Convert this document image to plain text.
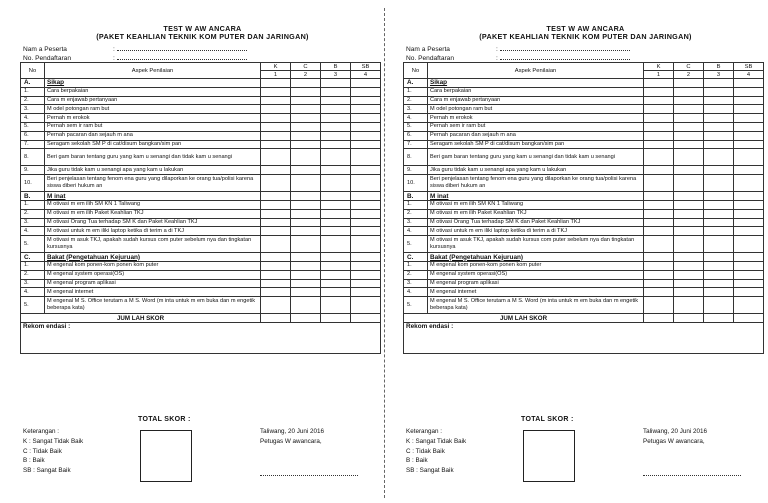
TEST W AW ANCARA
(PAKET KEAHLIAN TEKNIK KOM PUTER DAN JARINGAN)
Nam a Peserta	:
No. Pendaftaran	:
No	Aspek Penilaian	K	C	B	SB
		1	2	3	4
A.	Sikap				
1.	Cara berpakaian				
2.	Cara m enjawab pertanyaan				
3.	M odel potongan ram but				
4.	Pernah m erokok				
5.	Pernah sem ir ram but				
6.	Pernah pacaran dan sejauh m ana				
7.	Seragam sekolah SM P di cat/disum bangkan/sim pan				
8.	Beri gam baran tentang guru yang kam u senangi dan tidak kam u senangi				
9.	Jika guru tidak kam u senangi apa yang kam u lakukan				
10.	Beri penjelasan tentang fenom ena guru yang dilaporkan ke orang tua/polisi karena siswa diberi hukum an				
B.	M inat				
1.	M otivasi m em ilih SM KN 1 Taliwang				
2.	M otivasi m em ilih Paket Keahlian TKJ				
3.	M otivasi Orang Tua terhadap SM K dan Paket Keahlian TKJ				
4.	M otivasi untuk m em iliki laptop ketika di terim a di TKJ				
5.	M otivasi m asuk TKJ, apakah sudah kursus com puter sebelum nya dan tingkatan kursusnya				
C.	Bakat (Pengetahuan Kejuruan)				
1.	M engenal kom ponen-kom ponen kom puter				
2.	M engenal system operasi(OS)				
3.	M engenal program aplikasi				
4.	M engenal internet				
5.	M engenal M S. Office terutam a M S. Word (m inta untuk m em buka dan m engetik beberapa kata)				
JUM LAH SKOR					
Rekom endasi :					
TOTAL SKOR :
Keterangan :
K : Sangat Tidak Baik
C : Tidak Baik
B : Baik
SB : Sangat Baik
Taliwang, 20 Juni 2016
Petugas W awancara,
TEST W AW ANCARA
(PAKET KEAHLIAN TEKNIK KOM PUTER DAN JARINGAN)
Nam a Peserta	:
No. Pendaftaran	:
No	Aspek Penilaian	K	C	B	SB
		1	2	3	4
A.	Sikap				
1.	Cara berpakaian				
2.	Cara m enjawab pertanyaan				
3.	M odel potongan ram but				
4.	Pernah m erokok				
5.	Pernah sem ir ram but				
6.	Pernah pacaran dan sejauh m ana				
7.	Seragam sekolah SM P di cat/disum bangkan/sim pan				
8.	Beri gam baran tentang guru yang kam u senangi dan tidak kam u senangi				
9.	Jika guru tidak kam u senangi apa yang kam u lakukan				
10.	Beri penjelasan tentang fenom ena guru yang dilaporkan ke orang tua/polisi karena siswa diberi hukum an				
B.	M inat				
1.	M otivasi m em ilih SM KN 1 Taliwang				
2.	M otivasi m em ilih Paket Keahlian TKJ				
3.	M otivasi Orang Tua terhadap SM K dan Paket Keahlian TKJ				
4.	M otivasi untuk m em iliki laptop ketika di terim a di TKJ				
5.	M otivasi m asuk TKJ, apakah sudah kursus com puter sebelum nya dan tingkatan kursusnya				
C.	Bakat (Pengetahuan Kejuruan)				
1.	M engenal kom ponen-kom ponen kom puter				
2.	M engenal system operasi(OS)				
3.	M engenal program aplikasi				
4.	M engenal internet				
5.	M engenal M S. Office terutam a M S. Word (m inta untuk m em buka dan m engetik beberapa kata)				
JUM LAH SKOR					
Rekom endasi :					
TOTAL SKOR :
Keterangan :
K : Sangat Tidak Baik
C : Tidak Baik
B : Baik
SB : Sangat Baik
Taliwang, 20 Juni 2016
Petugas W awancara,
